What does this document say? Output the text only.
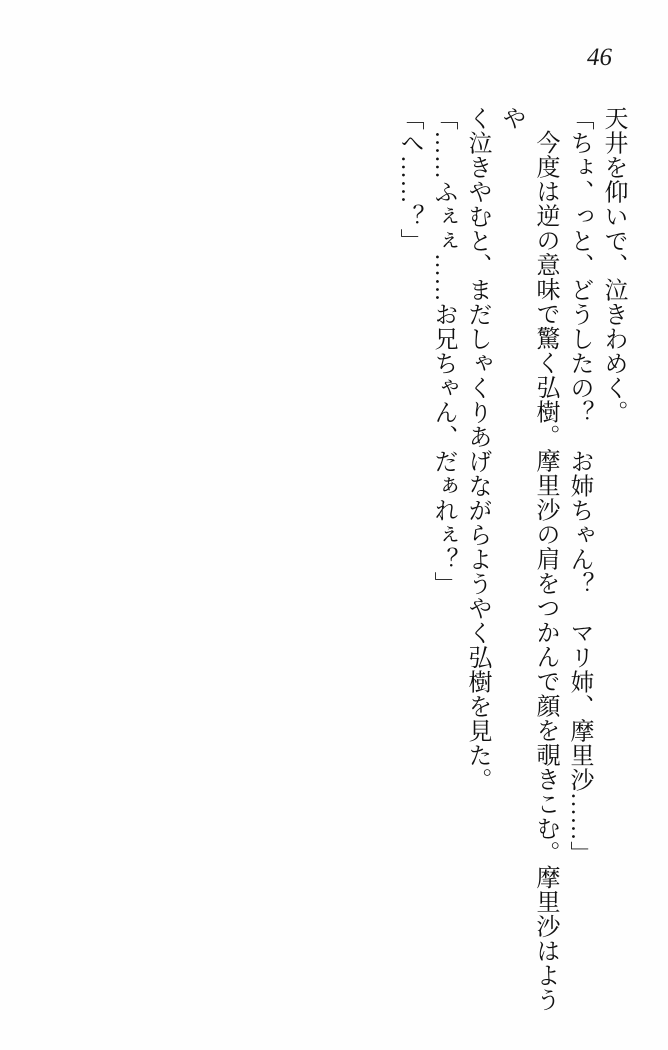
46

天井を仰いで、泣きわめく。

「ちょ、っと、どうしたの？　お姉ちゃん？　マリ姉、摩里沙……」

今度は逆の意味で驚く弘樹。摩里沙の肩をつかんで顔を覗きこむ。摩里沙はようや

く泣きやむと、まだしゃくりあげながらようやく弘樹を見た。

「……ふぇぇ……お兄ちゃん、だぁれぇ？」

「へ……？」
